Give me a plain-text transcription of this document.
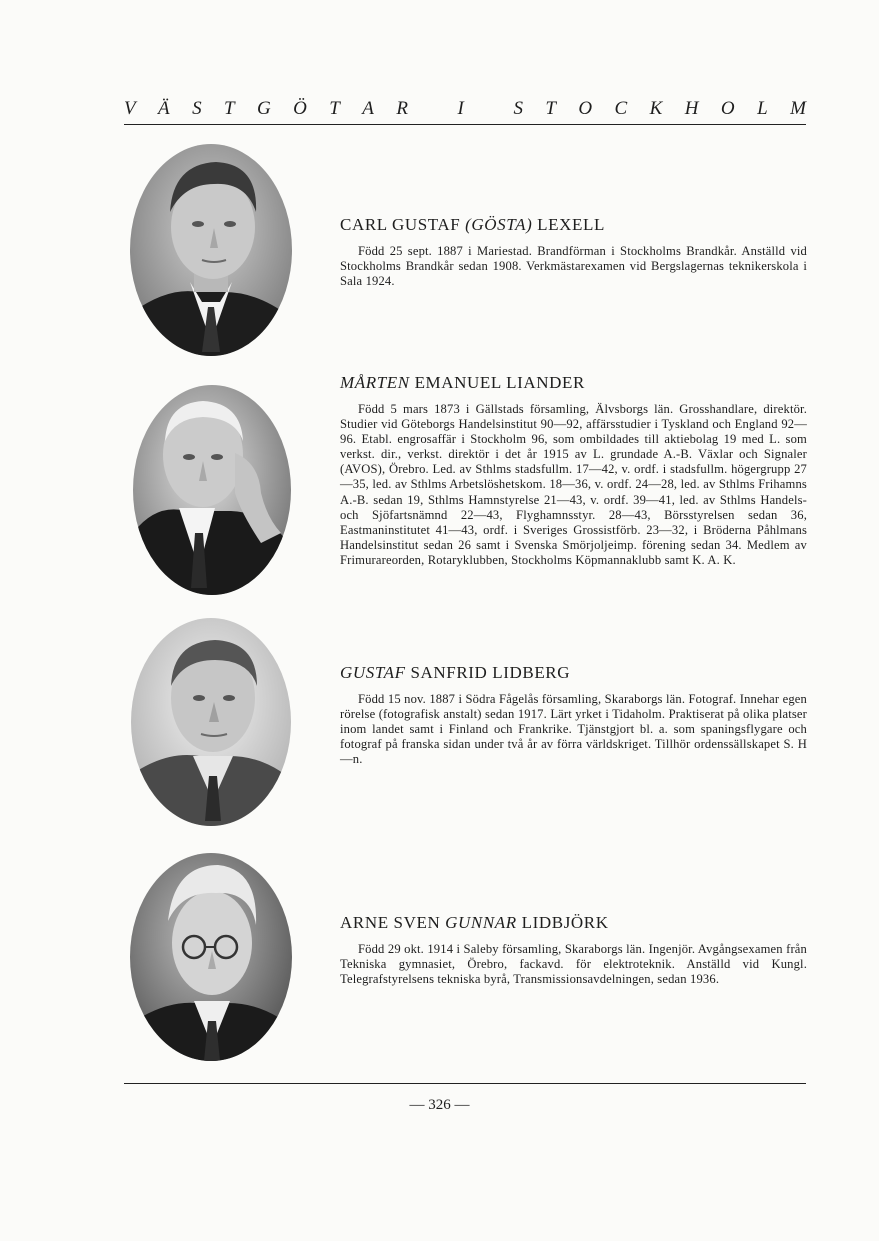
V Ä S T G Ö T A R
	I
	S T O C K H O L M
CARL GUSTAF (GÖSTA) LEXELL

Född 25 sept. 1887 i Mariestad. Brandförman i Stockholms Brandkår. Anställd vid Stockholms Brandkår sedan 1908. Verkmästarexamen vid Bergslagernas teknikerskola i Sala 1924.

MÅRTEN EMANUEL LIANDER

Född 5 mars 1873 i Gällstads församling, Älvsborgs län. Grosshandlare, direktör. Studier vid Göteborgs Handelsinstitut 90—92, affärsstudier i Tyskland och England 92—96. Etabl. engrosaffär i Stockholm 96, som ombildades till aktiebolag 19 med L. som verkst. dir., verkst. direktör i det år 1915 av L. grundade A.-B. Växlar och Signaler (AVOS), Örebro. Led. av Sthlms stadsfullm. 17—42, v. ordf. i stadsfullm. högergrupp 27—35, led. av Sthlms Arbetslöshetskom. 18—36, v. ordf. 24—28, led. av Sthlms Frihamns A.-B. sedan 19, Sthlms Hamnstyrelse 21—43, v. ordf. 39—41, led. av Sthlms Handels- och Sjöfartsnämnd 22—43, Flyghamnsstyr. 28—43, Börsstyrelsen sedan 36, Eastmaninstitutet 41—43, ordf. i Sveriges Grossistförb. 23—32, i Bröderna Påhlmans Handelsinstitut sedan 26 samt i Svenska Smörjoljeimp. förening sedan 34. Medlem av Frimurareorden, Rotaryklubben, Stockholms Köpmannaklubb samt K. A. K.

GUSTAF SANFRID LIDBERG

Född 15 nov. 1887 i Södra Fågelås församling, Skaraborgs län. Fotograf. Innehar egen rörelse (fotografisk anstalt) sedan 1917. Lärt yrket i Tidaholm. Praktiserat på olika platser inom landet samt i Finland och Frankrike. Tjänstgjort bl. a. som spaningsflygare och fotograf på franska sidan under två år av förra världskriget. Tillhör ordenssällskapet S. H—n.

ARNE SVEN GUNNAR LIDBJÖRK

Född 29 okt. 1914 i Saleby församling, Skaraborgs län. Ingenjör. Avgångsexamen från Tekniska gymnasiet, Örebro, fackavd. för elektroteknik. Anställd vid Kungl. Telegrafstyrelsens tekniska byrå, Transmissionsavdelningen, sedan 1936.

— 326 —
